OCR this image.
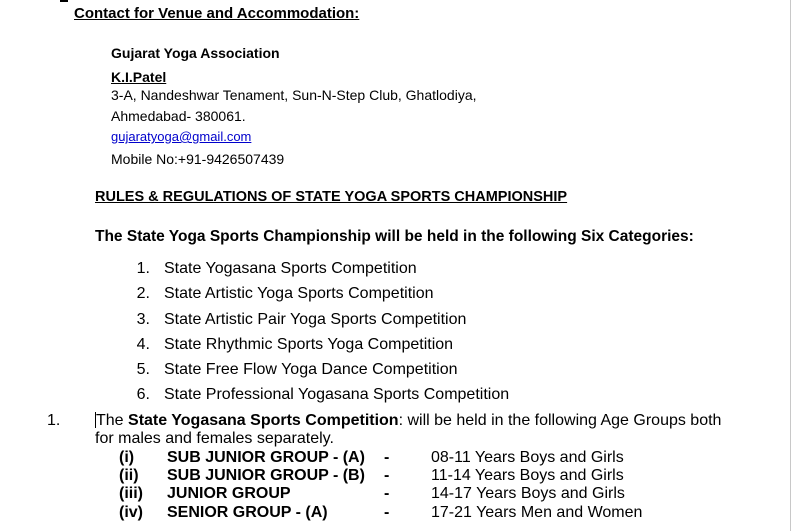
Contact for Venue and Accommodation:
Gujarat Yoga Association
K.I.Patel
3-A, Nandeshwar Tenament, Sun-N-Step Club, Ghatlodiya,
Ahmedabad- 380061.
gujaratyoga@gmail.com
Mobile No:+91-9426507439
RULES & REGULATIONS OF STATE YOGA SPORTS CHAMPIONSHIP
The State Yoga Sports Championship will be held in the following Six Categories:
1. State Yogasana Sports Competition
2. State Artistic Yoga Sports Competition
3. State Artistic Pair Yoga Sports Competition
4. State Rhythmic Sports Yoga Competition
5. State Free Flow Yoga Dance Competition
6. State Professional Yogasana Sports Competition
1. The State Yogasana Sports Competition: will be held in the following Age Groups both
for males and females separately.
(i) SUB JUNIOR GROUP - (A) -	08-11 Years Boys and Girls
(ii) SUB JUNIOR GROUP - (B) -	11-14 Years Boys and Girls
(iii) JUNIOR GROUP	-	14-17 Years Boys and Girls
(iv) SENIOR GROUP - (A)	-	17-21 Years Men and Women
